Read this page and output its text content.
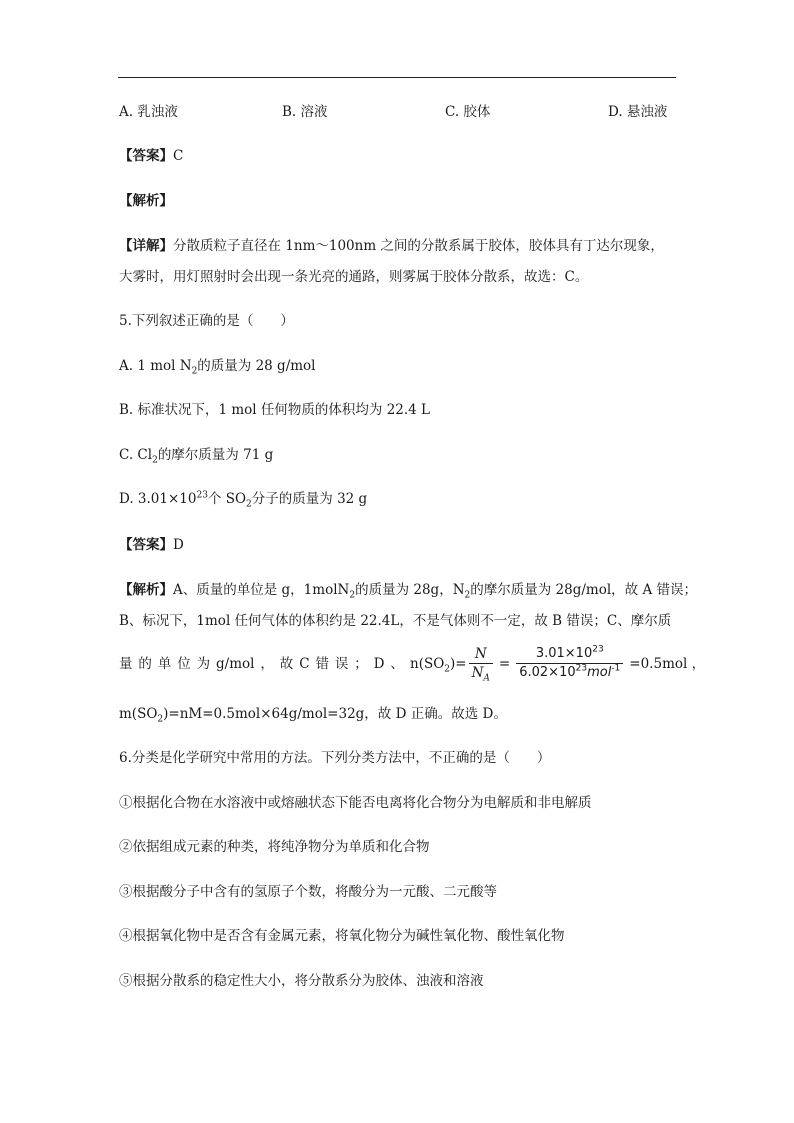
A. 乳浊液	B. 溶液	C. 胶体	D. 悬浊液
【答案】C
【解析】
【详解】分散质粒子直径在 1nm～100nm 之间的分散系属于胶体，胶体具有丁达尔现象，
大雾时，用灯照射时会出现一条光亮的通路，则雾属于胶体分散系，故选：C。
5.下列叙述正确的是（　　）
A. 1 mol $N_2$的质量为 28 g/mol
B. 标准状况下，1 mol 任何物质的体积均为 22.4 L
C. $Cl_2$的摩尔质量为 71 g
D. $3.01\times 10^{23}$个 $SO_2$分子的质量为 32 g
【答案】D
【解析】A、质量的单位是 g，1molN$_2$的质量为 28g，$N_2$的摩尔质量为 28g/mol，故 A 错误；
B、标况下，1mol 任何气体的体积约是 22.4L，不是气体则不一定，故 B 错误；C、摩尔质
量 的 单 位 为 g/mol ， 故 C 错 误 ； D 、 $n(SO_2)= \frac{N}{N_A} = \frac{3.01\times 10^{23}}{6.02\times 10^{23}mol^{-1}} =0.5mol$ ，
$m(SO_2)=nM=0.5mol\times 64g/mol=32g$，故 D 正确。故选 D。
6.分类是化学研究中常用的方法。下列分类方法中，不正确的是（　　）
①根据化合物在水溶液中或熔融状态下能否电离将化合物分为电解质和非电解质
②依据组成元素的种类，将纯净物分为单质和化合物
③根据酸分子中含有的氢原子个数，将酸分为一元酸、二元酸等
④根据氧化物中是否含有金属元素，将氧化物分为碱性氧化物、酸性氧化物
⑤根据分散系的稳定性大小，将分散系分为胶体、浊液和溶液
